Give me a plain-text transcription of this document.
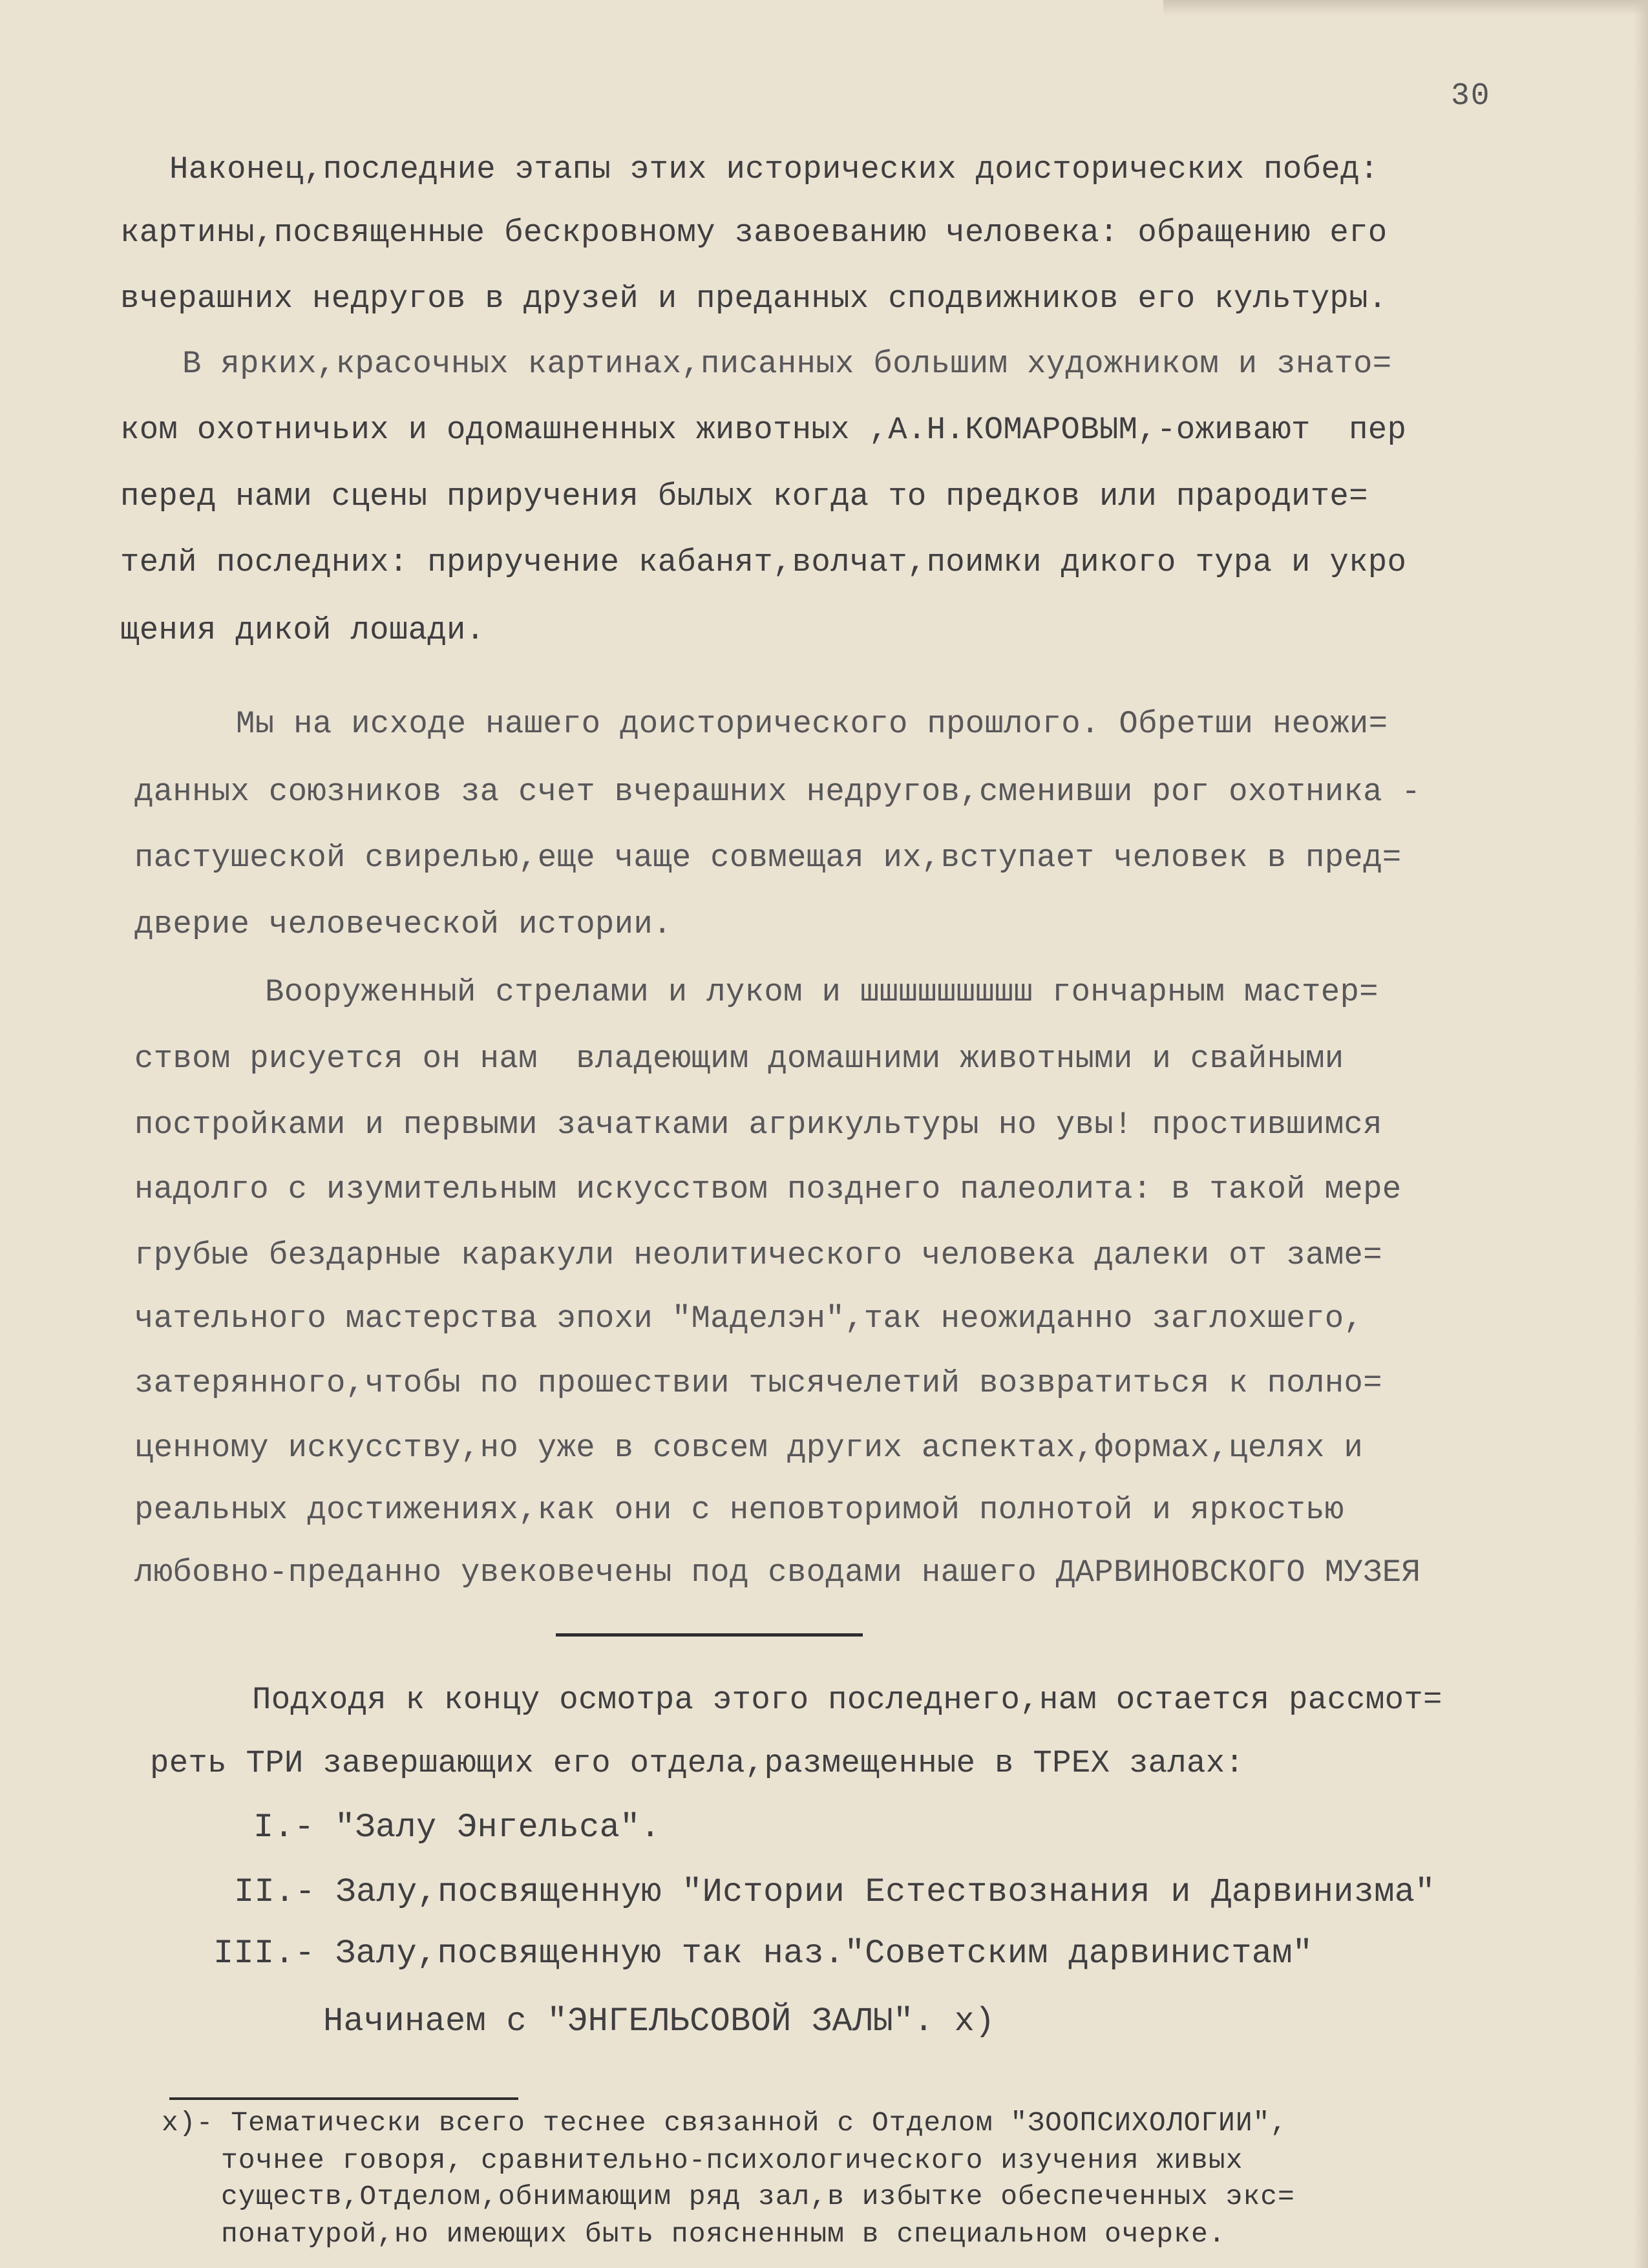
30
Наконец,последние этапы этих исторических доисторических побед:
картины,посвященные бескровному завоеванию человека: обращению его
вчерашних недругов в друзей и преданных сподвижников его культуры.
В ярких,красочных картинах,писанных большим художником и знато=
ком охотничьих и одомашненных животных ,А.Н.КОМАРОВЫМ,-оживают  пер
перед нами сцены приручения былых когда то предков или прародите=
телй последних: приручение кабанят,волчат,поимки дикого тура и укро
щения дикой лошади.
Мы на исходе нашего доисторического прошлого. Обретши неожи=
данных союзников за счет вчерашних недругов,сменивши рог охотника -
пастушеской свирелью,еще чаще совмещая их,вступает человек в пред=
дверие человеческой истории.
Вооруженный стрелами и луком и шшшшшшшшш гончарным мастер=
ством рисуется он нам  владеющим домашними животными и свайными
постройками и первыми зачатками агрикультуры но увы! простившимся
надолго с изумительным искусством позднего палеолита: в такой мере
грубые бездарные каракули неолитического человека далеки от заме=
чательного мастерства эпохи "Маделэн",так неожиданно заглохшего,
затерянного,чтобы по прошествии тысячелетий возвратиться к полно=
ценному искусству,но уже в совсем других аспектах,формах,целях и
реальных достижениях,как они с неповторимой полнотой и яркостью
любовно-преданно увековечены под сводами нашего ДАРВИНОВСКОГО МУЗЕЯ
Подходя к концу осмотра этого последнего,нам остается рассмот=
реть ТРИ завершающих его отдела,размещенные в ТРЕХ залах:
I.- "Залу Энгельса".
II.- Залу,посвященную "Истории Естествознания и Дарвинизма"
III.- Залу,посвященную так наз."Советским дарвинистам"
Начинаем с "ЭНГЕЛЬСОВОЙ ЗАЛЫ". х)
х)- Тематически всего теснее связанной с Отделом "ЗООПСИХОЛОГИИ",
точнее говоря, сравнительно-психологического изучения живых
существ,Отделом,обнимающим ряд зал,в избытке обеспеченных экс=
понатурой,но имеющих быть поясненным в специальном очерке.
